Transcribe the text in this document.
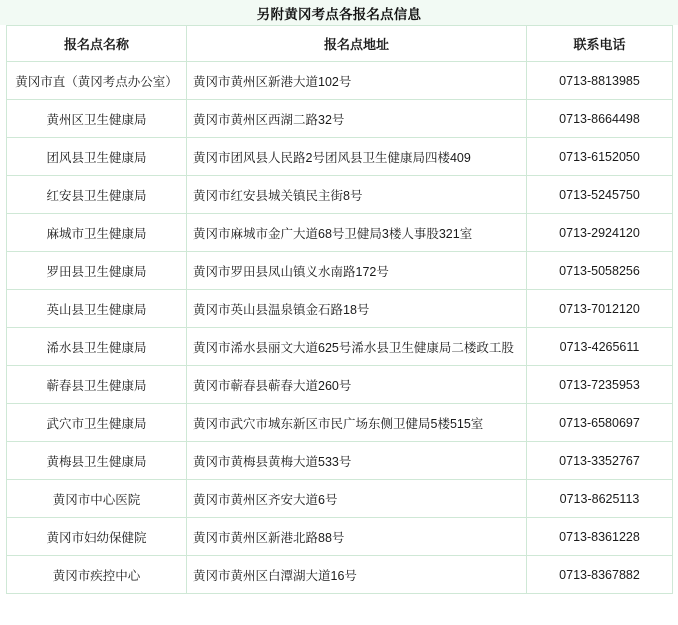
另附黄冈考点各报名点信息
报名点名称	报名点地址	联系电话
黄冈市直（黄冈考点办公室）	黄冈市黄州区新港大道102号	0713-8813985
黄州区卫生健康局	黄冈市黄州区西湖二路32号	0713-8664498
团风县卫生健康局	黄冈市团风县人民路2号团风县卫生健康局四楼409	0713-6152050
红安县卫生健康局	黄冈市红安县城关镇民主街8号	0713-5245750
麻城市卫生健康局	黄冈市麻城市金广大道68号卫健局3楼人事股321室	0713-2924120
罗田县卫生健康局	黄冈市罗田县凤山镇义水南路172号	0713-5058256
英山县卫生健康局	黄冈市英山县温泉镇金石路18号	0713-7012120
浠水县卫生健康局	黄冈市浠水县丽文大道625号浠水县卫生健康局二楼政工股	0713-4265611
蕲春县卫生健康局	黄冈市蕲春县蕲春大道260号	0713-7235953
武穴市卫生健康局	黄冈市武穴市城东新区市民广场东侧卫健局5楼515室	0713-6580697
黄梅县卫生健康局	黄冈市黄梅县黄梅大道533号	0713-3352767
黄冈市中心医院	黄冈市黄州区齐安大道6号	0713-8625113
黄冈市妇幼保健院	黄冈市黄州区新港北路88号	0713-8361228
黄冈市疾控中心	黄冈市黄州区白潭湖大道16号	0713-8367882
